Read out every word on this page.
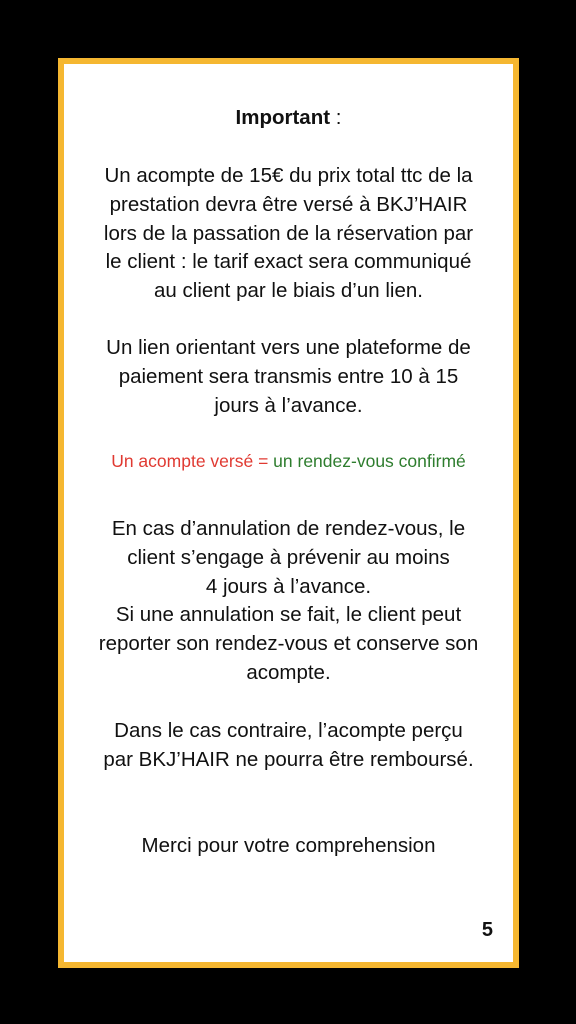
Important :
Un acompte de 15€ du prix total ttc de la
prestation devra être versé à BKJ’HAIR
lors de la passation de la réservation par
le client : le tarif exact sera communiqué
au client par le biais d’un lien.
Un lien orientant vers une plateforme de
paiement sera transmis entre 10 à 15
jours à l’avance.
Un acompte versé = un rendez-vous confirmé
En cas d’annulation de rendez-vous, le
client s’engage à prévenir au moins
4 jours à l’avance.
Si une annulation se fait, le client peut
reporter son rendez-vous et conserve son
acompte.
Dans le cas contraire, l’acompte perçu
par BKJ’HAIR ne pourra être remboursé.
Merci pour votre comprehension
5
